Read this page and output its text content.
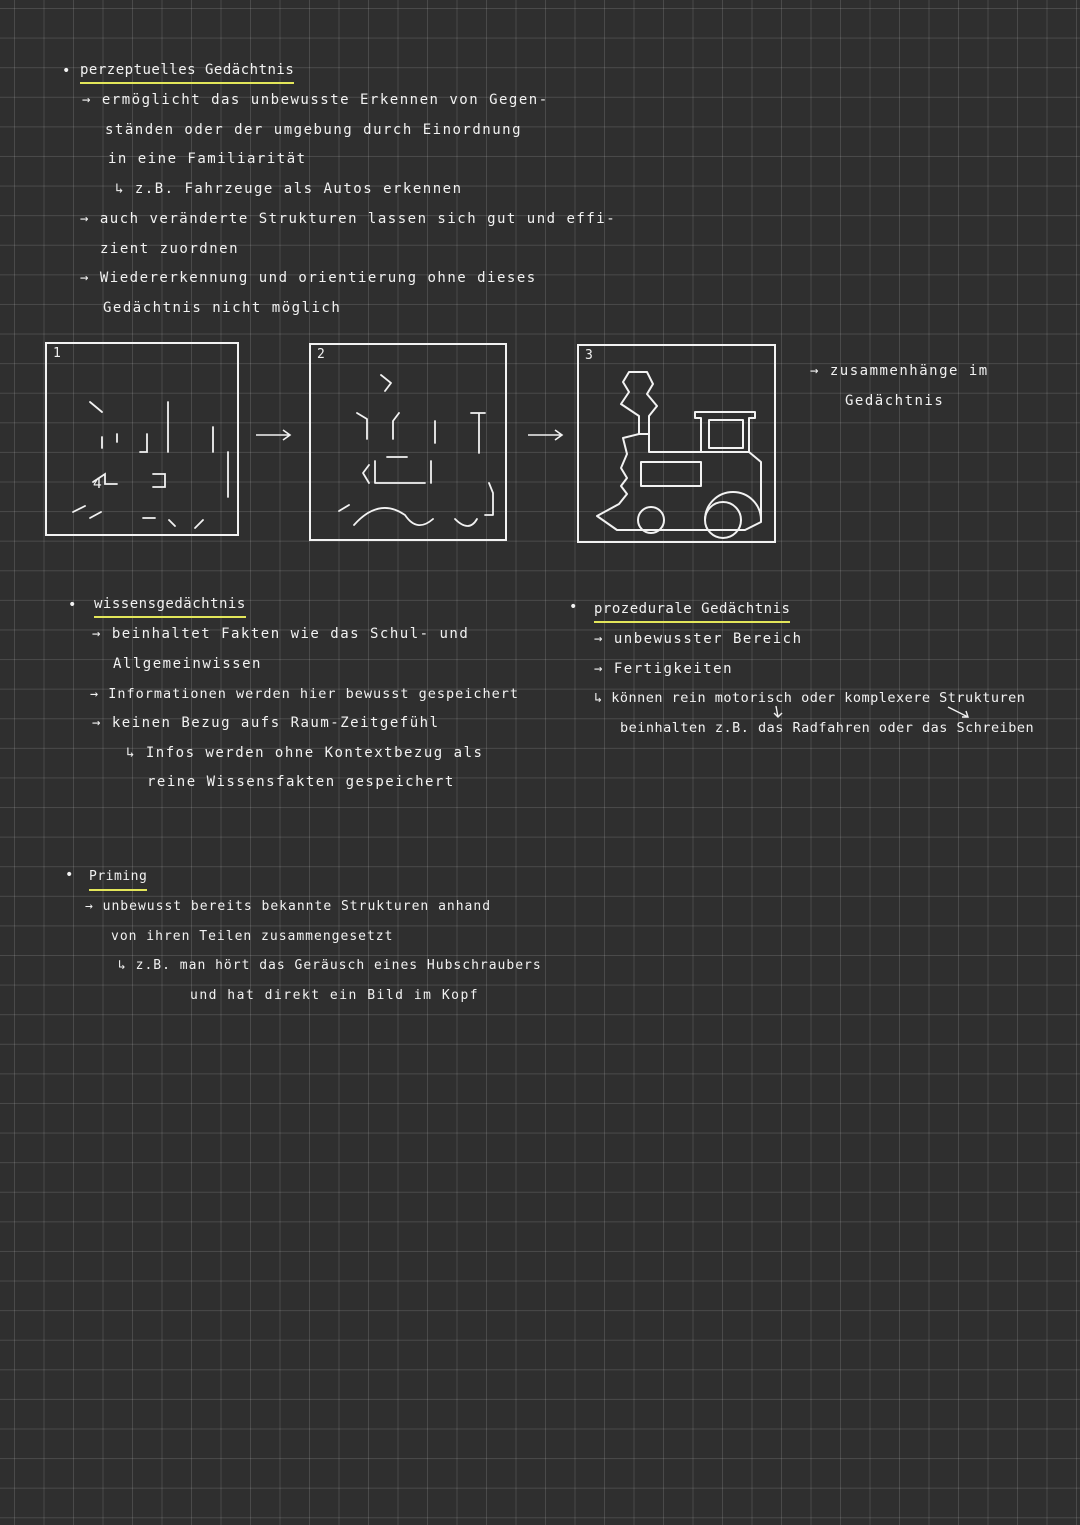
• perzeptuelles Gedächtnis
→ ermöglicht das unbewusste Erkennen von Gegen-
ständen oder der umgebung durch Einordnung
in eine Familiarität
↳ z.B. Fahrzeuge als Autos erkennen
→ auch veränderte Strukturen lassen sich gut und effi-
zient zuordnen
→ Wiedererkennung und orientierung ohne dieses
Gedächtnis nicht möglich
1
4
2	3
→ zusammenhänge im
Gedächtnis
• wissensgedächtnis
→ beinhaltet Fakten wie das Schul- und
Allgemeinwissen
→ Informationen werden hier bewusst gespeichert
→ keinen Bezug aufs Raum-Zeitgefühl
↳ Infos werden ohne Kontextbezug als
reine Wissensfakten gespeichert
• prozedurale Gedächtnis
→ unbewusster Bereich
→ Fertigkeiten
↳ können rein motorisch oder komplexere Strukturen
beinhalten z.B. das Radfahren oder das Schreiben
• Priming
→ unbewusst bereits bekannte Strukturen anhand
von ihren Teilen zusammengesetzt
↳ z.B. man hört das Geräusch eines Hubschraubers
und hat direkt ein Bild im Kopf
